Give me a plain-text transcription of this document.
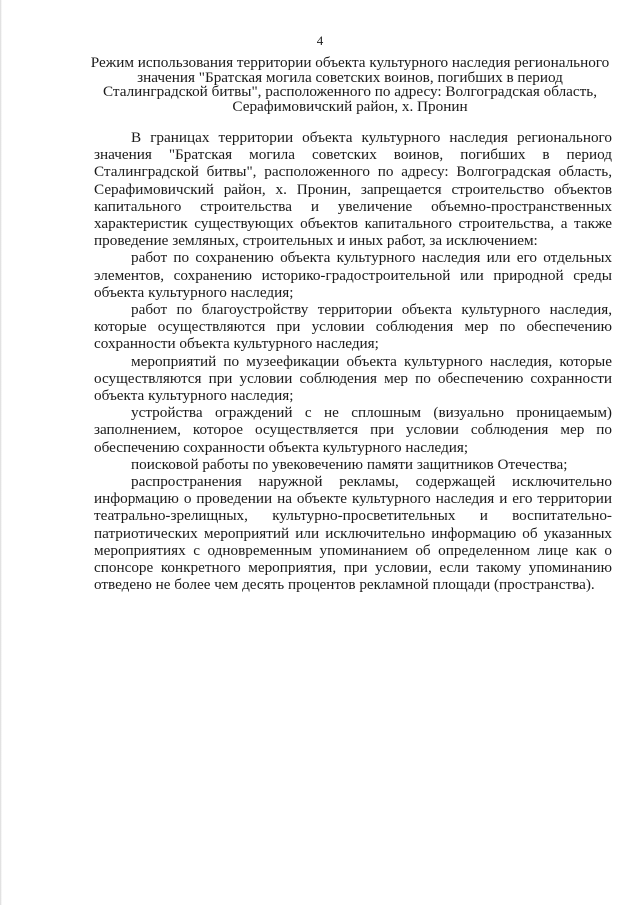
4
Режим использования территории объекта культурного наследия регионального
значения "Братская могила советских воинов, погибших в период
Сталинградской битвы", расположенного по адресу: Волгоградская область,
Серафимовичский район, х. Пронин

В границах территории объекта культурного наследия регионального значения "Братская могила советских воинов, погибших в период Сталинградской битвы", расположенного по адресу: Волгоградская область, Серафимовичский район, х. Пронин, запрещается строительство объектов капитального строительства и увеличение объемно-пространственных характеристик существующих объектов капитального строительства, а также проведение земляных, строительных и иных работ, за исключением:

работ по сохранению объекта культурного наследия или его отдельных элементов, сохранению историко-градостроительной или природной среды объекта культурного наследия;

работ по благоустройству территории объекта культурного наследия, которые осуществляются при условии соблюдения мер по обеспечению сохранности объекта культурного наследия;

мероприятий по музеефикации объекта культурного наследия, которые осуществляются при условии соблюдения мер по обеспечению сохранности объекта культурного наследия;

устройства ограждений с не сплошным (визуально проницаемым) заполнением, которое осуществляется при условии соблюдения мер по обеспечению сохранности объекта культурного наследия;

поисковой работы по увековечению памяти защитников Отечества;

распространения наружной рекламы, содержащей исключительно информацию о проведении на объекте культурного наследия и его территории театрально-зрелищных, культурно-просветительных и воспитательно-патриотических мероприятий или исключительно информацию об указанных мероприятиях с одновременным упоминанием об определенном лице как о спонсоре конкретного мероприятия, при условии, если такому упоминанию отведено не более чем десять процентов рекламной площади (пространства).
